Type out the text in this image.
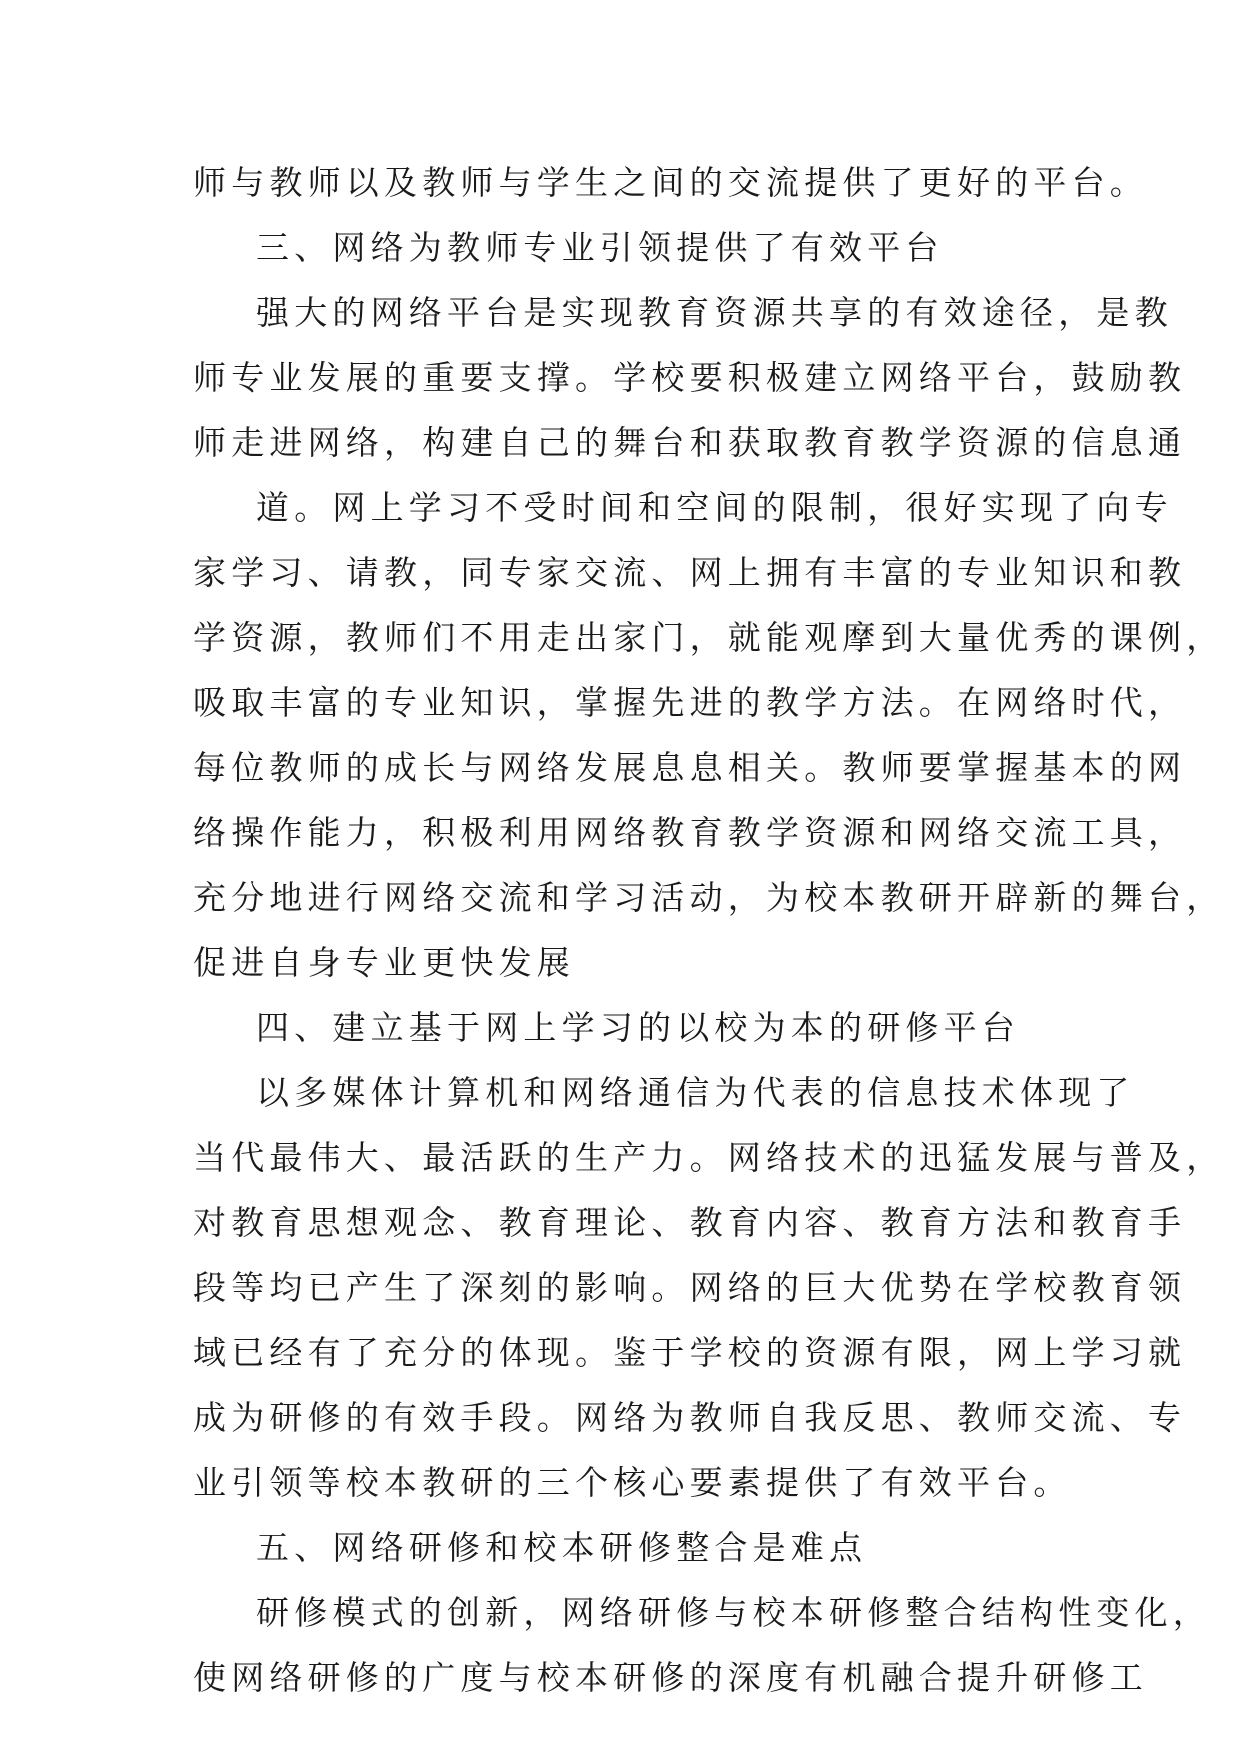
师与教师以及教师与学生之间的交流提供了更好的平台。
三、网络为教师专业引领提供了有效平台
强大的网络平台是实现教育资源共享的有效途径，是教
师专业发展的重要支撑。学校要积极建立网络平台，鼓励教
师走进网络，构建自己的舞台和获取教育教学资源的信息通
道。网上学习不受时间和空间的限制，很好实现了向专
家学习、请教，同专家交流、网上拥有丰富的专业知识和教
学资源，教师们不用走出家门，就能观摩到大量优秀的课例，
吸取丰富的专业知识，掌握先进的教学方法。在网络时代，
每位教师的成长与网络发展息息相关。教师要掌握基本的网
络操作能力，积极利用网络教育教学资源和网络交流工具，
充分地进行网络交流和学习活动，为校本教研开辟新的舞台，
促进自身专业更快发展
四、建立基于网上学习的以校为本的研修平台
以多媒体计算机和网络通信为代表的信息技术体现了
当代最伟大、最活跃的生产力。网络技术的迅猛发展与普及，
对教育思想观念、教育理论、教育内容、教育方法和教育手
段等均已产生了深刻的影响。网络的巨大优势在学校教育领
域已经有了充分的体现。鉴于学校的资源有限，网上学习就
成为研修的有效手段。网络为教师自我反思、教师交流、专
业引领等校本教研的三个核心要素提供了有效平台。
五、网络研修和校本研修整合是难点
研修模式的创新，网络研修与校本研修整合结构性变化，
使网络研修的广度与校本研修的深度有机融合提升研修工
